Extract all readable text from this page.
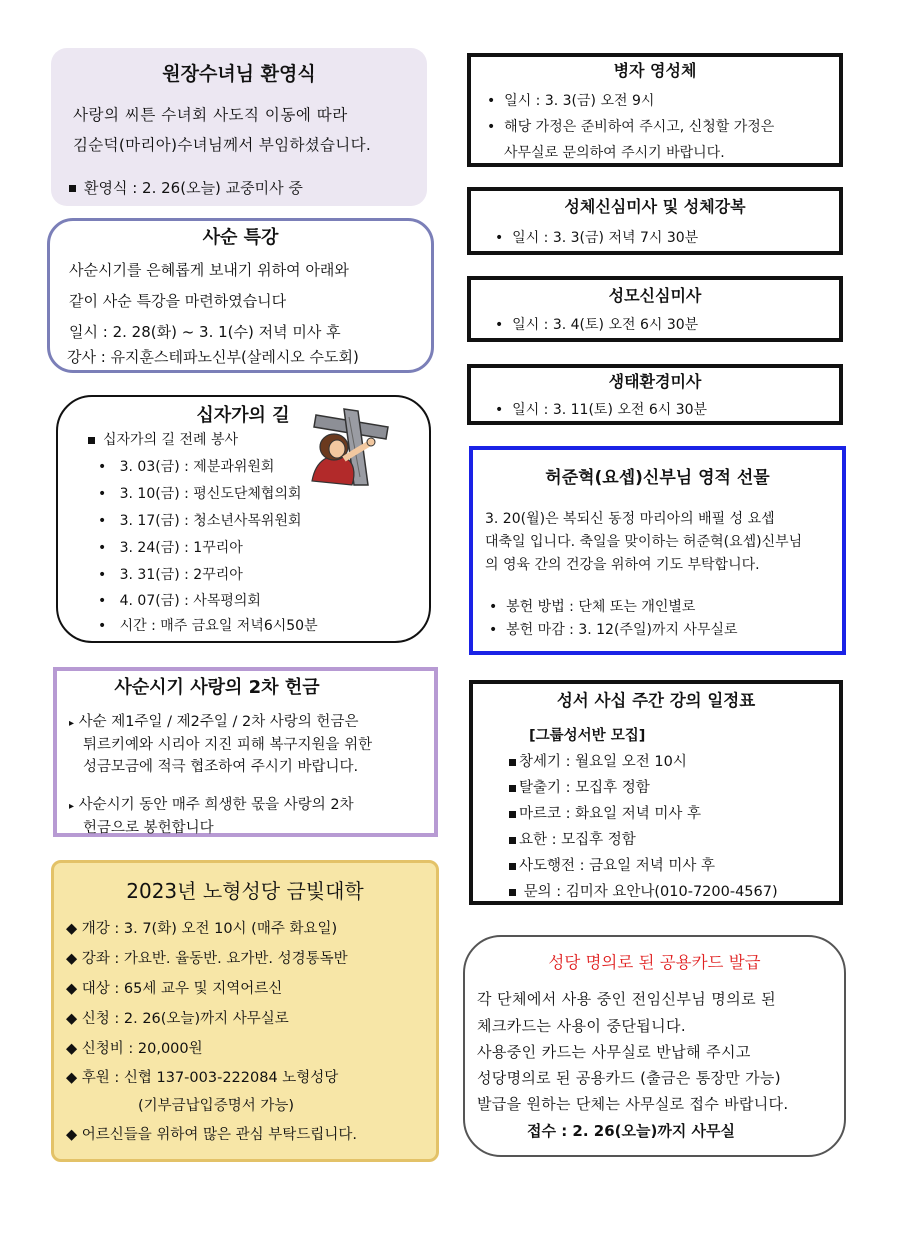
원장수녀님 환영식
사랑의 씨튼 수녀회 사도직 이동에 따라
김순덕(마리아)수녀님께서 부임하셨습니다.
환영식 : 2. 26(오늘) 교중미사 중
사순 특강
사순시기를 은혜롭게 보내기 위하여 아래와
같이 사순 특강을 마련하였습니다
일시 : 2. 28(화) ~ 3. 1(수) 저녁 미사 후
강사 : 유지훈스테파노신부(살레시오 수도회)
십자가의 길
십자가의 길 전례 봉사
•   3. 03(금) : 제분과위원회
•   3. 10(금) : 평신도단체협의회
•   3. 17(금) : 청소년사목위원회
•   3. 24(금) : 1꾸리아
•   3. 31(금) : 2꾸리아
•   4. 07(금) : 사목평의회
•   시간 : 매주 금요일 저녁6시50분
사순시기 사랑의 2차 헌금
▸ 사순 제1주일 / 제2주일 / 2차 사랑의 헌금은
튀르키예와 시리아 지진 피해 복구지원을 위한
성금모금에 적극 협조하여 주시기 바랍니다.
▸ 사순시기 동안 매주 희생한 몫을 사랑의 2차
헌금으로 봉헌합니다
2023년 노형성당 금빛대학
◆ 개강 : 3. 7(화) 오전 10시 (매주 화요일)
◆ 강좌 : 가요반. 율동반. 요가반. 성경통독반
◆ 대상 : 65세 교우 및 지역어르신
◆ 신청 : 2. 26(오늘)까지 사무실로
◆ 신청비 : 20,000원
◆ 후원 : 신협 137-003-222084 노형성당
(기부금납입증명서 가능)
◆ 어르신들을 위하여 많은 관심 부탁드립니다.
병자 영성체
•  일시 : 3. 3(금) 오전 9시
•  해당 가정은 준비하여 주시고, 신청할 가정은
사무실로 문의하여 주시기 바랍니다.
성체신심미사 및 성체강복
•  일시 : 3. 3(금) 저녁 7시 30분
성모신심미사
•  일시 : 3. 4(토) 오전 6시 30분
생태환경미사
•  일시 : 3. 11(토) 오전 6시 30분
허준혁(요셉)신부님 영적 선물
3. 20(월)은 복되신 동정 마리아의 배필 성 요셉
대축일 입니다. 축일을 맞이하는 허준혁(요셉)신부님
의 영육 간의 건강을 위하여 기도 부탁합니다.
•  봉헌 방법 : 단체 또는 개인별로
•  봉헌 마감 : 3. 12(주일)까지 사무실로
성서 사십 주간 강의 일정표
[그룹성서반 모집]
창세기 : 월요일 오전 10시
탈출기 : 모집후 정함
마르코 : 화요일 저녁 미사 후
요한 : 모집후 정함
사도행전 : 금요일 저녁 미사 후
문의 : 김미자 요안나(010-7200-4567)
성당 명의로 된 공용카드 발급
각 단체에서 사용 중인 전임신부님 명의로 된
체크카드는 사용이 중단됩니다.
사용중인 카드는 사무실로 반납해 주시고
성당명의로 된 공용카드 (출금은 통장만 가능)
발급을 원하는 단체는 사무실로 접수 바랍니다.
접수 : 2. 26(오늘)까지 사무실
